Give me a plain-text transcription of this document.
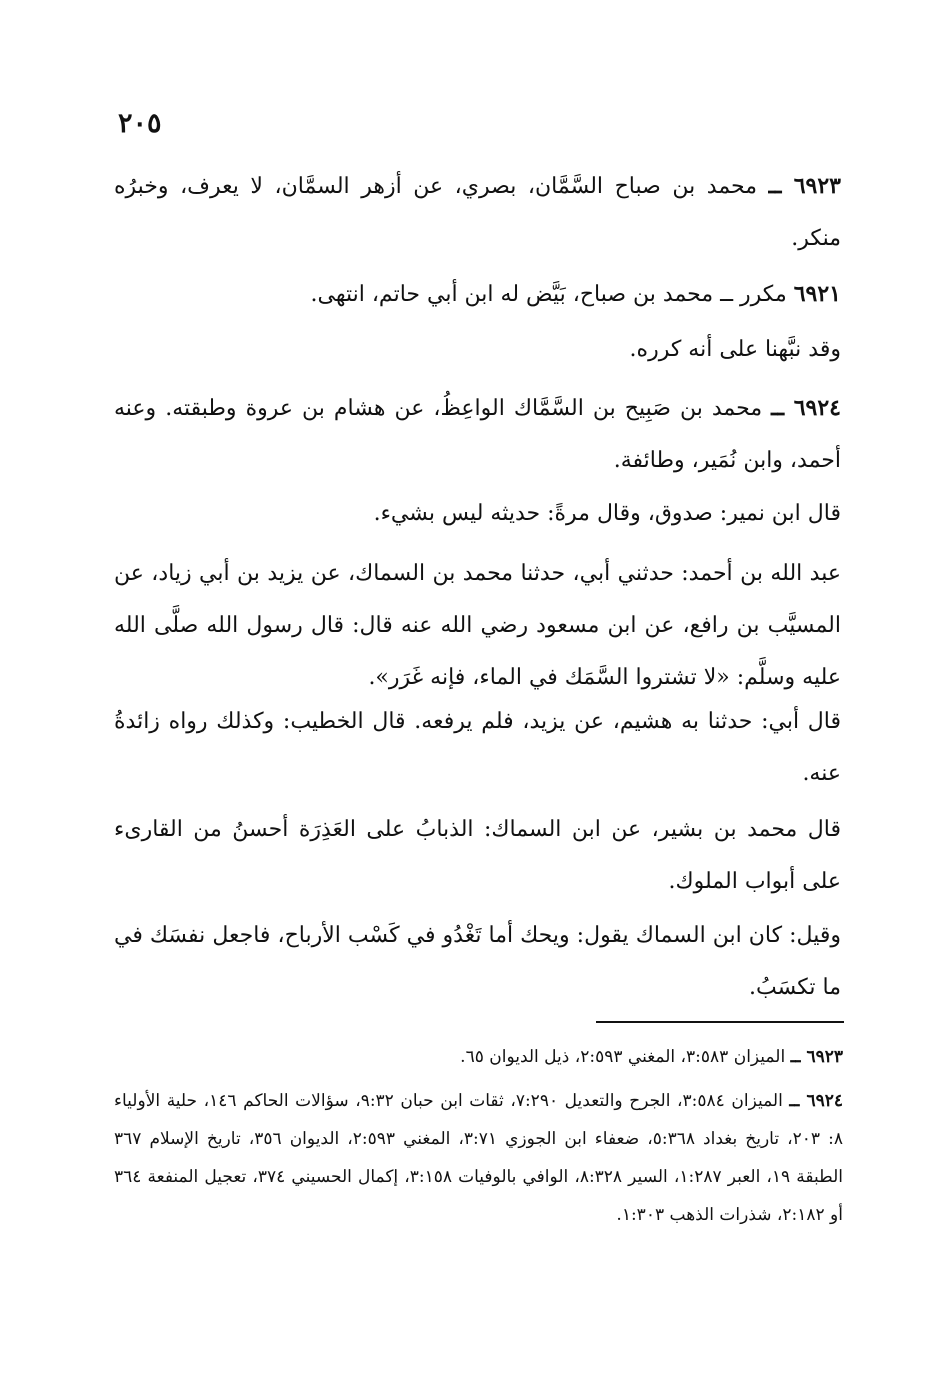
٢٠٥
٦٩٢٣ ــ محمد بن صباح السَّمَّان، بصري، عن أزهر السمَّان، لا يعرف، وخبرُه منكر.
٦٩٢١ مكرر ــ محمد بن صباح، بَيَّض له ابن أبي حاتم، انتهى.
وقد نبَّهنا على أنه كرره.
٦٩٢٤ ــ محمد بن صَبِيح بن السَّمَّاك الواعِظُ، عن هشام بن عروة وطبقته. وعنه أحمد، وابن نُمَير، وطائفة.
قال ابن نمير: صدوق، وقال مرةً: حديثه ليس بشيء.
عبد الله بن أحمد: حدثني أبي، حدثنا محمد بن السماك، عن يزيد بن أبي زياد، عن المسيَّب بن رافع، عن ابن مسعود رضي الله عنه قال: قال رسول الله صلَّى الله عليه وسلَّم: «لا تشتروا السَّمَك في الماء، فإنه غَرَر».
قال أبي: حدثنا به هشيم، عن يزيد، فلم يرفعه. قال الخطيب: وكذلك رواه زائدةُ عنه.
قال محمد بن بشير، عن ابن السماك: الذبابُ على العَذِرَة أحسنُ من القارىء على أبواب الملوك.
وقيل: كان ابن السماك يقول: ويحك أما تَغْدُو في كَسْب الأرباح، فاجعل نفسَك في ما تكسَبُ.
٦٩٢٣ ــ الميزان ٣:٥٨٣، المغني ٢:٥٩٣، ذيل الديوان ٦٥.
٦٩٢٤ ــ الميزان ٣:٥٨٤، الجرح والتعديل ٧:٢٩٠، ثقات ابن حبان ٩:٣٢، سؤالات الحاكم ١٤٦، حلية الأولياء ٨: ٢٠٣، تاريخ بغداد ٥:٣٦٨، ضعفاء ابن الجوزي ٣:٧١، المغني ٢:٥٩٣، الديوان ٣٥٦، تاريخ الإسلام ٣٦٧ الطبقة ١٩، العبر ١:٢٨٧، السير ٨:٣٢٨، الوافي بالوفيات ٣:١٥٨، إكمال الحسيني ٣٧٤، تعجيل المنفعة ٣٦٤ أو ٢:١٨٢، شذرات الذهب ١:٣٠٣.
